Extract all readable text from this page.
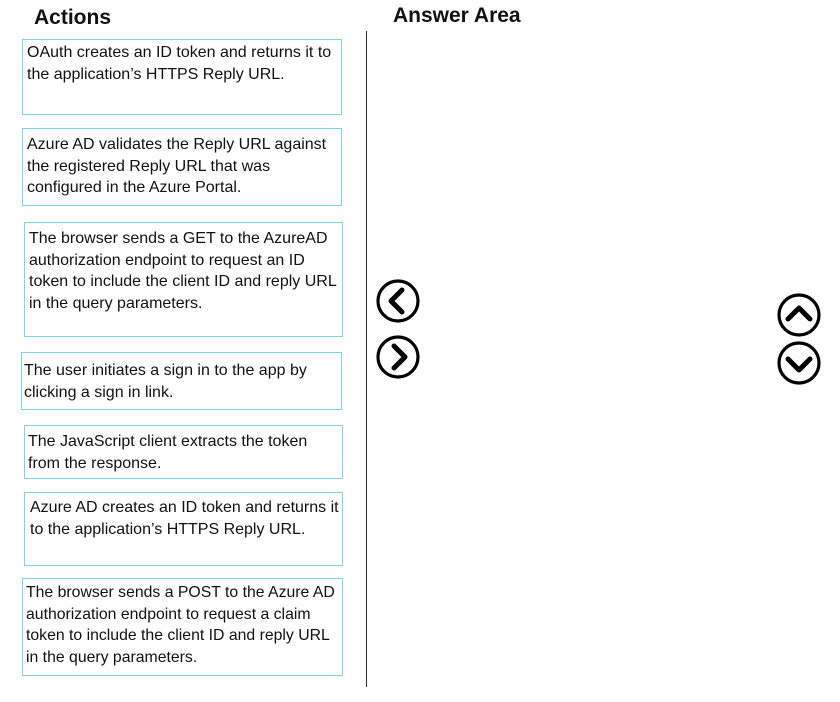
Actions	Answer Area
OAuth creates an ID token and returns it to the application’s HTTPS Reply URL.
Azure AD validates the Reply URL against the registered Reply URL that was configured in the Azure Portal.
The browser sends a GET to the AzureAD authorization endpoint to request an ID token to include the client ID and reply URL in the query parameters.
The user initiates a sign in to the app by clicking a sign in link.
The JavaScript client extracts the token from the response.
Azure AD creates an ID token and returns it to the application’s HTTPS Reply URL.
The browser sends a POST to the Azure AD authorization endpoint to request a claim token to include the client ID and reply URL in the query parameters.
